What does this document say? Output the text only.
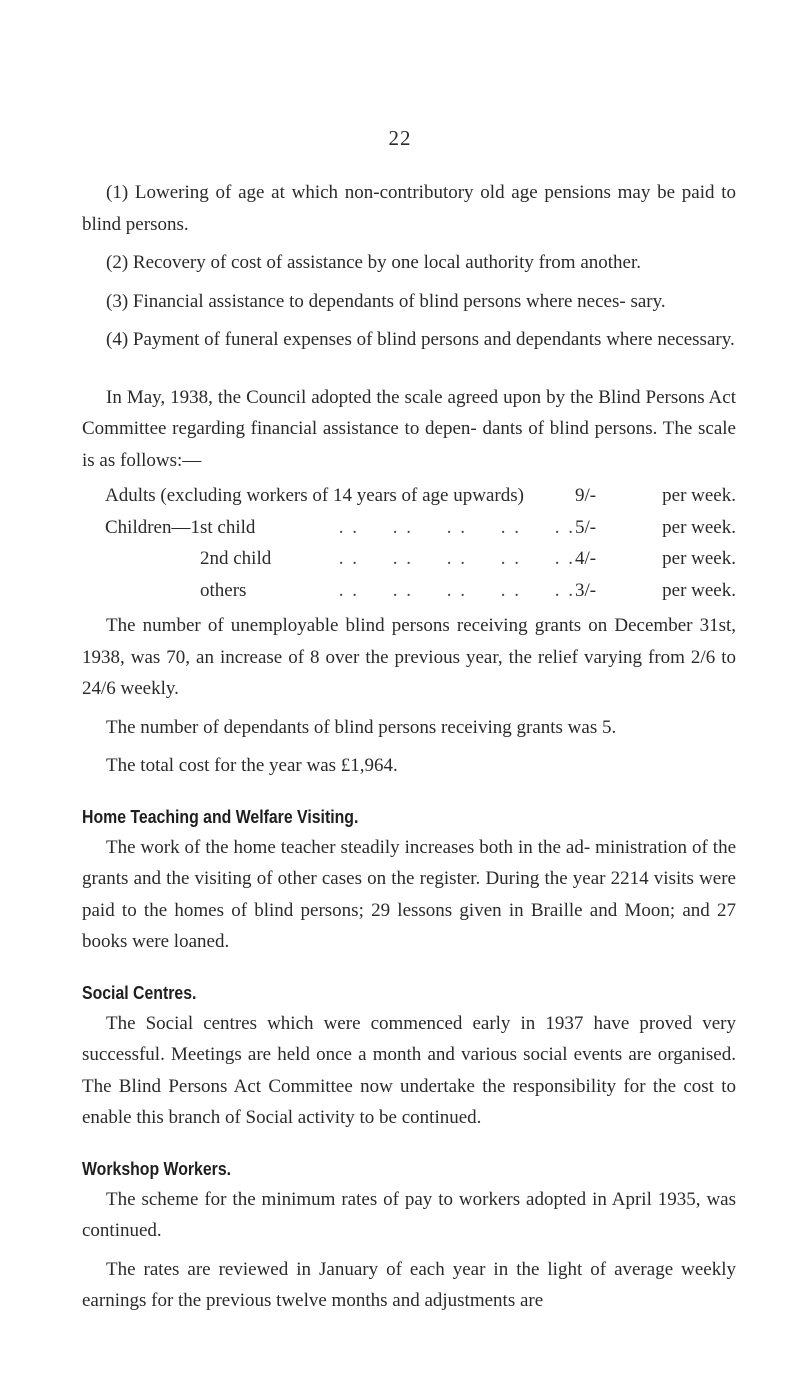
22

(1) Lowering of age at which non-contributory old age pensions may be paid to blind persons.

(2) Recovery of cost of assistance by one local authority from another.

(3) Financial assistance to dependants of blind persons where neces- sary.

(4) Payment of funeral expenses of blind persons and dependants where necessary.

In May, 1938, the Council adopted the scale agreed upon by the Blind Persons Act Committee regarding financial assistance to depen- dants of blind persons. The scale is as follows:—

Adults (excluding workers of 14 years of age upwards)	9/-	per week.

Children—1st child . .     . .     . .     . .     . .	5/-	per week.

2nd child . .     . .     . .     . .     . .	4/-	per week.

others . .     . .     . .     . .     . .	3/-	per week.

The number of unemployable blind persons receiving grants on December 31st, 1938, was 70, an increase of 8 over the previous year, the relief varying from 2/6 to 24/6 weekly.

The number of dependants of blind persons receiving grants was 5.

The total cost for the year was £1,964.

Home Teaching and Welfare Visiting.

The work of the home teacher steadily increases both in the ad- ministration of the grants and the visiting of other cases on the register. During the year 2214 visits were paid to the homes of blind persons; 29 lessons given in Braille and Moon; and 27 books were loaned.

Social Centres.

The Social centres which were commenced early in 1937 have proved very successful. Meetings are held once a month and various social events are organised. The Blind Persons Act Committee now undertake the responsibility for the cost to enable this branch of Social activity to be continued.

Workshop Workers.

The scheme for the minimum rates of pay to workers adopted in April 1935, was continued.

The rates are reviewed in January of each year in the light of average weekly earnings for the previous twelve months and adjustments are
